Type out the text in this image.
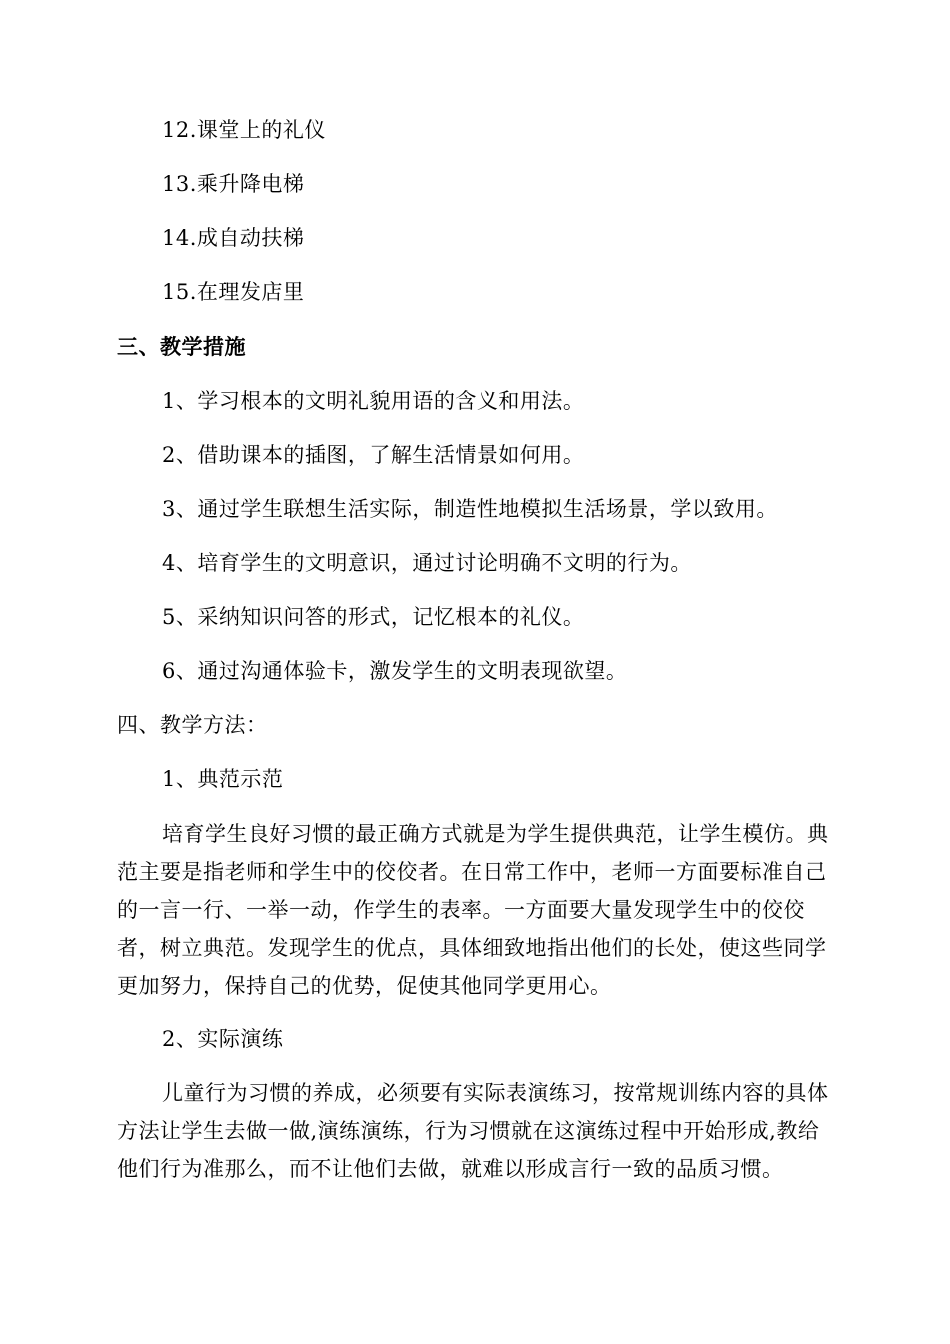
12.课堂上的礼仪
13.乘升降电梯
14.成自动扶梯
15.在理发店里
三、教学措施
1、学习根本的文明礼貌用语的含义和用法。
2、借助课本的插图，了解生活情景如何用。
3、通过学生联想生活实际，制造性地模拟生活场景，学以致用。
4、培育学生的文明意识，通过讨论明确不文明的行为。
5、采纳知识问答的形式，记忆根本的礼仪。
6、通过沟通体验卡，激发学生的文明表现欲望。
四、教学方法：
1、典范示范

培育学生良好习惯的最正确方式就是为学生提供典范，让学生模仿。典范主要是指老师和学生中的佼佼者。在日常工作中，老师一方面要标准自己的一言一行、一举一动，作学生的表率。一方面要大量发现学生中的佼佼者，树立典范。发现学生的优点，具体细致地指出他们的长处，使这些同学更加努力，保持自己的优势，促使其他同学更用心。

2、实际演练

儿童行为习惯的养成，必须要有实际表演练习，按常规训练内容的具体方法让学生去做一做,演练演练，行为习惯就在这演练过程中开始形成,教给他们行为准那么，而不让他们去做，就难以形成言行一致的品质习惯。
